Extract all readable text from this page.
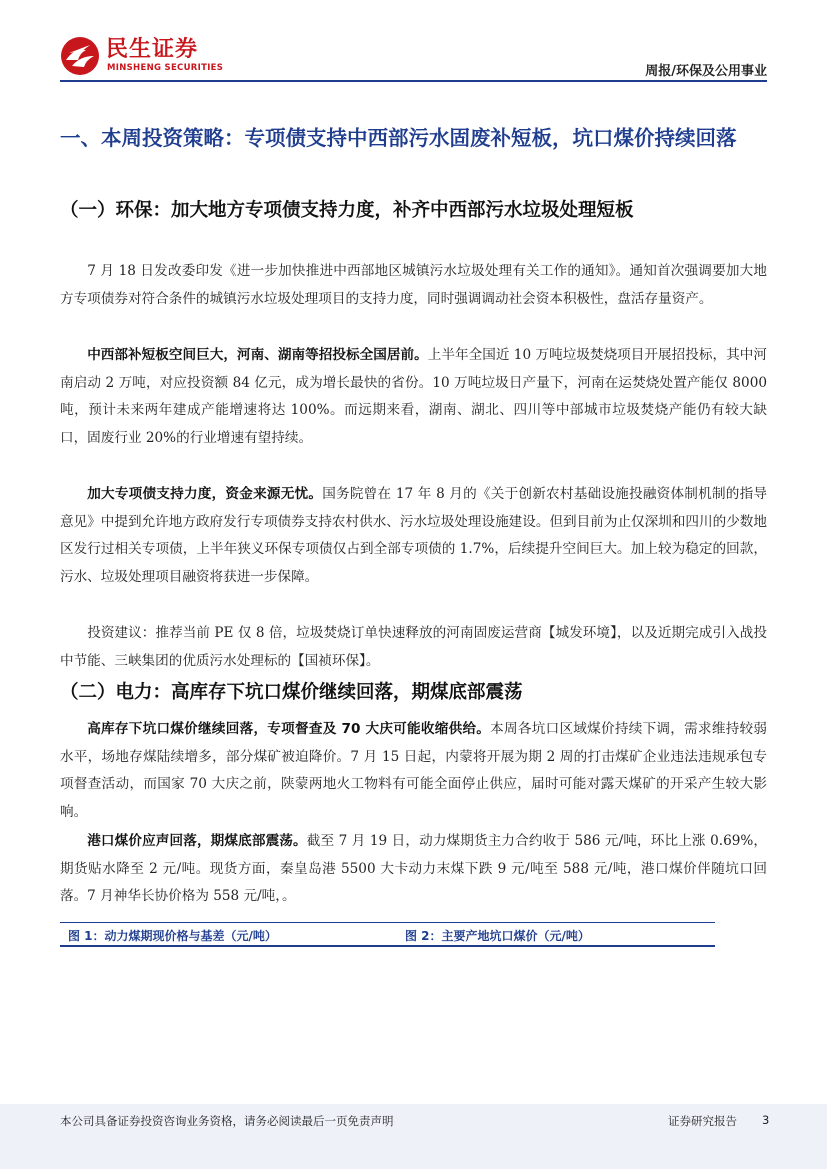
民生证券
MINSHENG SECURITIES	周报/环保及公用事业
一、本周投资策略：专项债支持中西部污水固废补短板，坑口煤价持续回落
（一）环保：加大地方专项债支持力度，补齐中西部污水垃圾处理短板
7 月 18 日发改委印发《进一步加快推进中西部地区城镇污水垃圾处理有关工作的通知》。通知首次强调要加大地方专项债券对符合条件的城镇污水垃圾处理项目的支持力度，同时强调调动社会资本积极性，盘活存量资产。
中西部补短板空间巨大，河南、湖南等招投标全国居前。上半年全国近 10 万吨垃圾焚烧项目开展招投标，其中河南启动 2 万吨，对应投资额 84 亿元，成为增长最快的省份。10 万吨垃圾日产量下，河南在运焚烧处置产能仅 8000 吨，预计未来两年建成产能增速将达 100%。而远期来看，湖南、湖北、四川等中部城市垃圾焚烧产能仍有较大缺口，固废行业 20%的行业增速有望持续。
加大专项债支持力度，资金来源无忧。国务院曾在 17 年 8 月的《关于创新农村基础设施投融资体制机制的指导意见》中提到允许地方政府发行专项债券支持农村供水、污水垃圾处理设施建设。但到目前为止仅深圳和四川的少数地区发行过相关专项债，上半年狭义环保专项债仅占到全部专项债的 1.7%，后续提升空间巨大。加上较为稳定的回款，污水、垃圾处理项目融资将获进一步保障。
投资建议：推荐当前 PE 仅 8 倍，垃圾焚烧订单快速释放的河南固废运营商【城发环境】，以及近期完成引入战投中节能、三峡集团的优质污水处理标的【国祯环保】。
（二）电力：高库存下坑口煤价继续回落，期煤底部震荡
高库存下坑口煤价继续回落，专项督查及 70 大庆可能收缩供给。本周各坑口区域煤价持续下调，需求维持较弱水平，场地存煤陆续增多，部分煤矿被迫降价。7 月 15 日起，内蒙将开展为期 2 周的打击煤矿企业违法违规承包专项督查活动，而国家 70 大庆之前，陕蒙两地火工物料有可能全面停止供应，届时可能对露天煤矿的开采产生较大影响。
港口煤价应声回落，期煤底部震荡。截至 7 月 19 日，动力煤期货主力合约收于 586 元/吨，环比上涨 0.69%，期货贴水降至 2 元/吨。现货方面，秦皇岛港 5500 大卡动力末煤下跌 9 元/吨至 588 元/吨，港口煤价伴随坑口回落。7 月神华长协价格为 558 元/吨，。
图 1：动力煤期现价格与基差（元/吨）	图 2：主要产地坑口煤价（元/吨）
本公司具备证券投资咨询业务资格，请务必阅读最后一页免责声明	证券研究报告 3
